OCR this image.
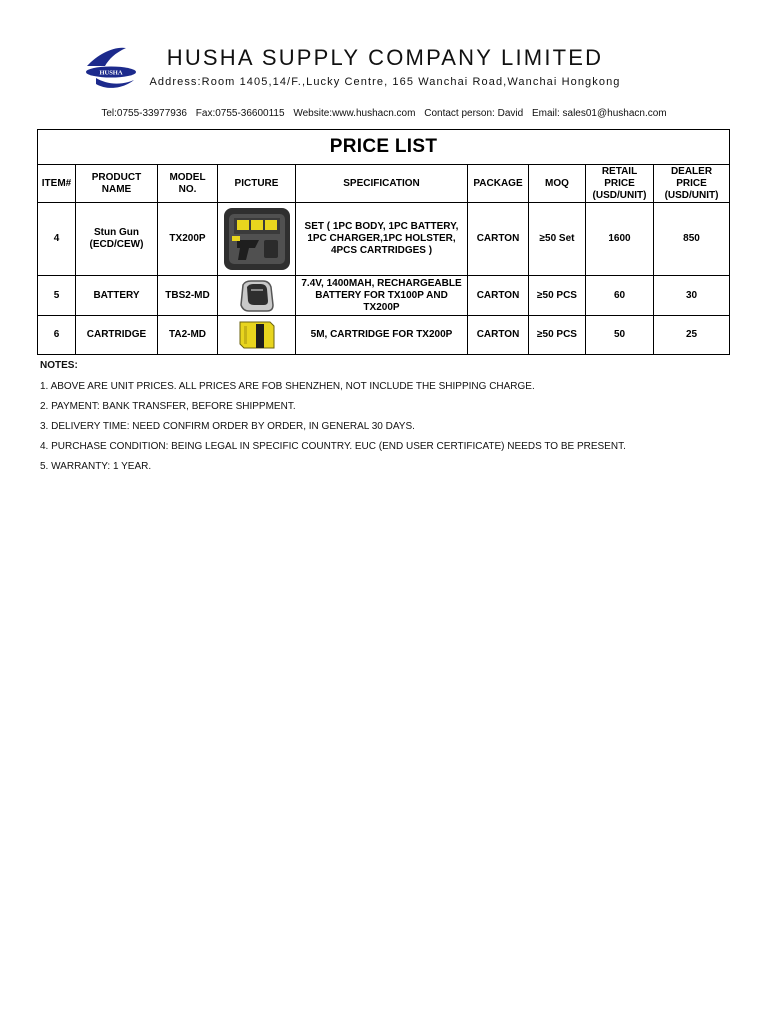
HUSHA
HUSHA SUPPLY COMPANY LIMITED
Address:Room 1405,14/F.,Lucky Centre, 165 Wanchai Road,Wanchai Hongkong
Tel:0755-33977936 Fax:0755-36600115 Website:www.hushacn.com Contact person: David Email: sales01@hushacn.com
PRICE LIST								
ITEM#	PRODUCT NAME	MODEL NO.	PICTURE	SPECIFICATION	PACKAGE	MOQ	RETAIL PRICE (USD/UNIT)	DEALER PRICE (USD/UNIT)
4	Stun Gun (ECD/CEW)	TX200P		SET ( 1PC BODY, 1PC BATTERY, 1PC CHARGER,1PC HOLSTER, 4PCS CARTRIDGES )	CARTON	≥50 Set	1600	850
5	BATTERY	TBS2-MD		7.4V, 1400MAH, RECHARGEABLE BATTERY FOR TX100P AND TX200P	CARTON	≥50 PCS	60	30
6	CARTRIDGE	TA2-MD		5M, CARTRIDGE FOR TX200P	CARTON	≥50 PCS	50	25
NOTES:
1. ABOVE ARE UNIT PRICES. ALL PRICES ARE FOB SHENZHEN, NOT INCLUDE THE SHIPPING CHARGE.
2. PAYMENT: BANK TRANSFER, BEFORE SHIPPMENT.
3. DELIVERY TIME: NEED CONFIRM ORDER BY ORDER, IN GENERAL 30 DAYS.
4. PURCHASE CONDITION: BEING LEGAL IN SPECIFIC COUNTRY. EUC (END USER CERTIFICATE) NEEDS TO BE PRESENT.
5. WARRANTY: 1 YEAR.
